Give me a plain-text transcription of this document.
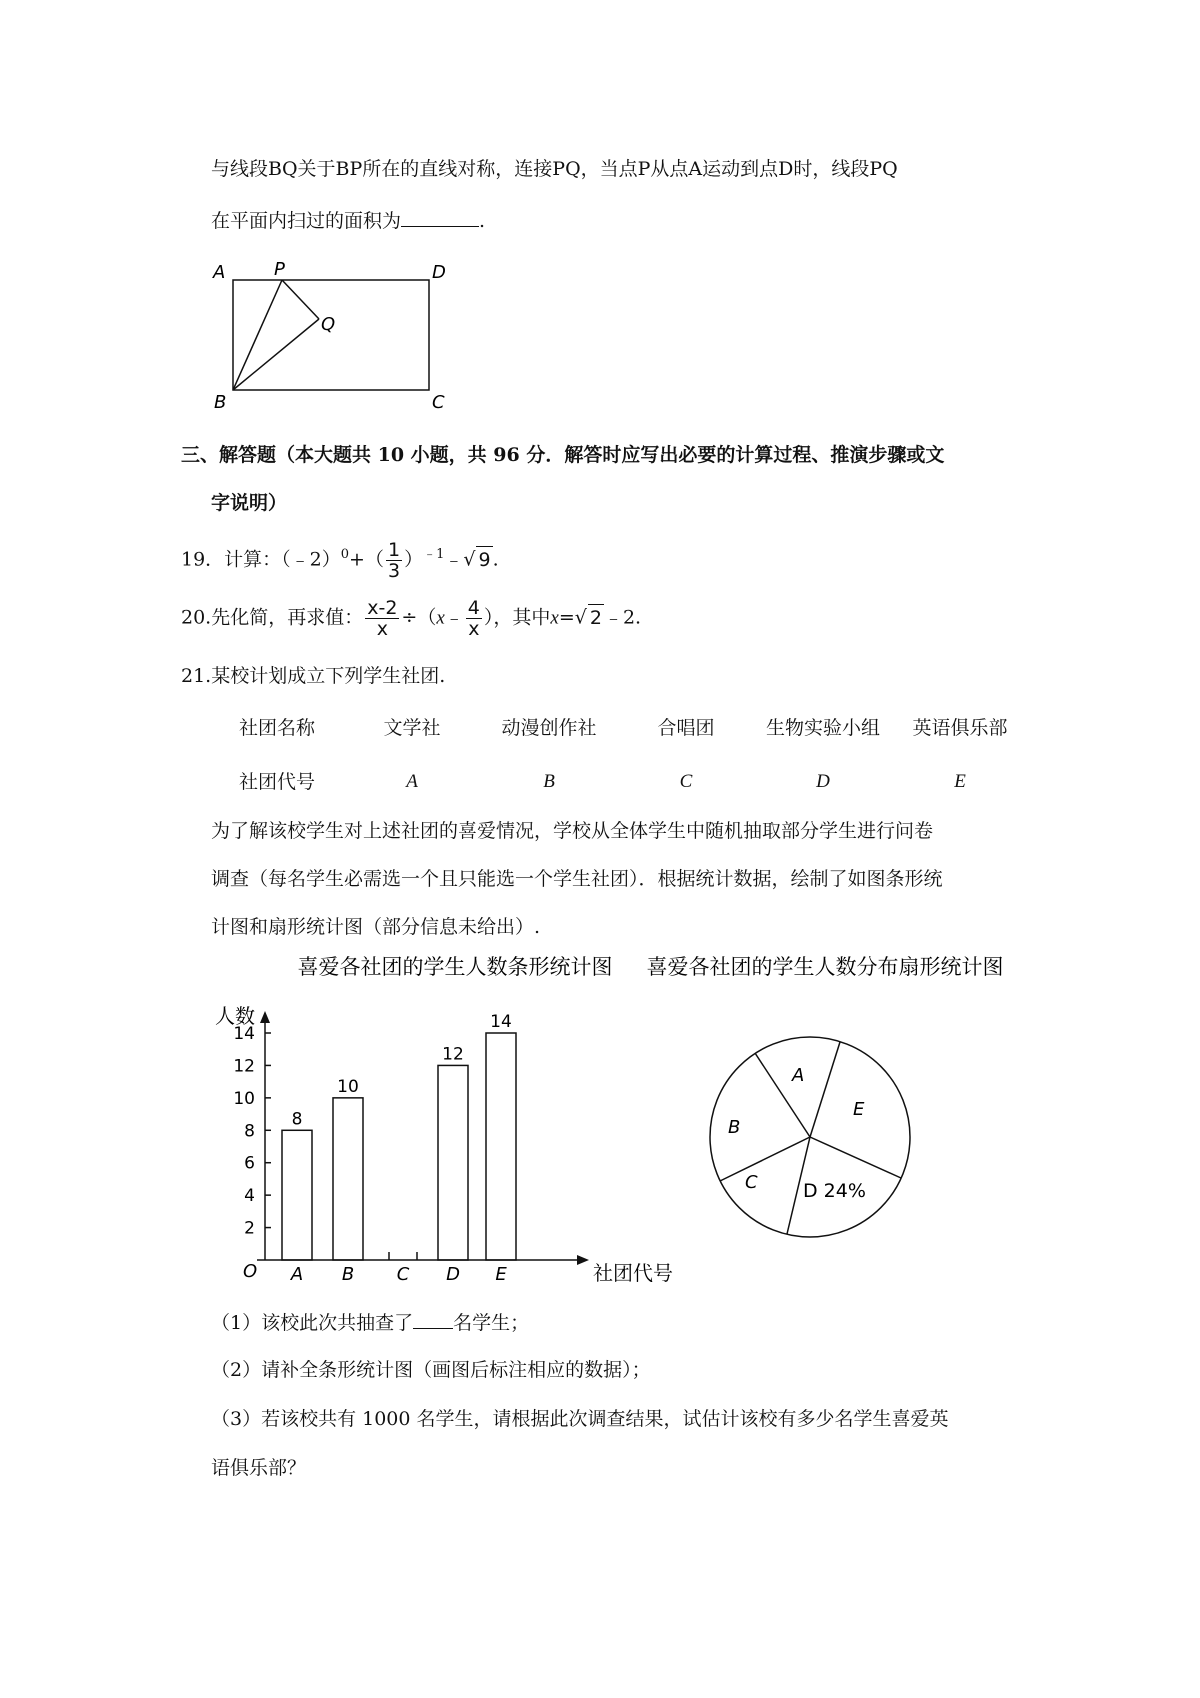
与线段BQ关于BP所在的直线对称，连接PQ，当点P从点A运动到点D时，线段PQ
在平面内扫过的面积为	.
A	P	D
Q
B	C
三、解答题（本大题共 10 小题，共 96 分．解答时应写出必要的计算过程、推演步骤或文
字说明）
19．计算：（﹣2）$^0$+（ $\frac{1}{3}$ ）$^{﹣1}$﹣√ 9 .
20.先化简，再求值： $\frac{x-2}{x}$ ÷（x﹣ $\frac{4}{x}$ ），其中x=√ 2 ﹣2.
21.某校计划成立下列学生社团.
社团名称	文学社	动漫创作社	合唱团	生物实验小组 英语俱乐部
社团代号	A	B	C	D	E
为了解该校学生对上述社团的喜爱情况，学校从全体学生中随机抽取部分学生进行问卷
调查（每名学生必需选一个且只能选一个学生社团）．根据统计数据，绘制了如图条形统
计图和扇形统计图（部分信息未给出）.
喜爱各社团的学生人数条形统计图
人数
社团代号
O
2
4
6
8
10
12
14
8
A
10
B C
12
D
14
E
喜爱各社团的学生人数分布扇形统计图
A
E
D 24%
C
B
（1）该校此次共抽查了 名学生；
（2）请补全条形统计图（画图后标注相应的数据）；
（3）若该校共有 1000 名学生，请根据此次调查结果，试估计该校有多少名学生喜爱英
语俱乐部？
